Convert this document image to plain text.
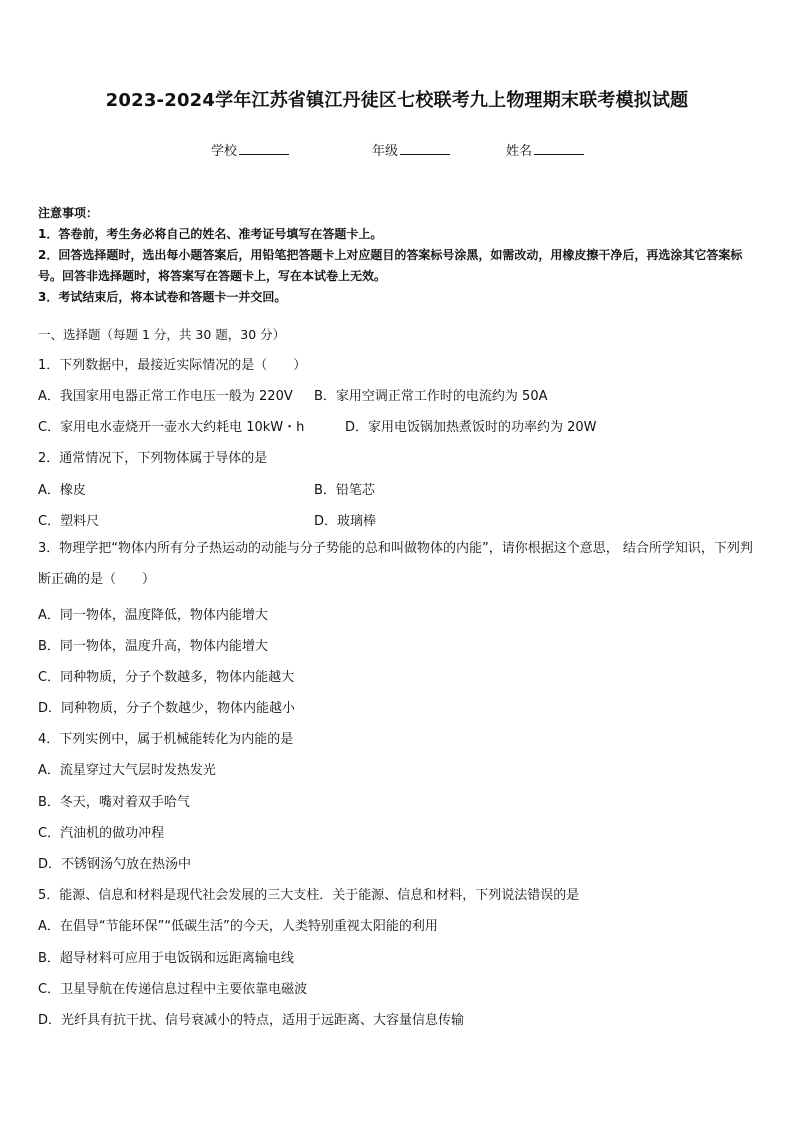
2023-2024学年江苏省镇江丹徒区七校联考九上物理期末联考模拟试题
学校	年级	姓名
注意事项：
1．答卷前，考生务必将自己的姓名、准考证号填写在答题卡上。
2．回答选择题时，选出每小题答案后，用铅笔把答题卡上对应题目的答案标号涂黑，如需改动，用橡皮擦干净后，再选涂其它答案标号。回答非选择题时，将答案写在答题卡上，写在本试卷上无效。
3．考试结束后，将本试卷和答题卡一并交回。
一、选择题（每题 1 分，共 30 题，30 分）
1．下列数据中，最接近实际情况的是（　　）
A．我国家用电器正常工作电压一般为 220V B．家用空调正常工作时的电流约为 50A
C．家用电水壶烧开一壶水大约耗电 10kW・h	D．家用电饭锅加热煮饭时的功率约为 20W
2．通常情况下，下列物体属于导体的是
A．橡皮	B．铅笔芯
C．塑料尺	D．玻璃棒
3．物理学把“物体内所有分子热运动的动能与分子势能的总和叫做物体的内能”，请你根据这个意思， 结合所学知识，下列判断正确的是（　　）
A．同一物体，温度降低，物体内能增大
B．同一物体，温度升高，物体内能增大
C．同种物质，分子个数越多，物体内能越大
D．同种物质，分子个数越少，物体内能越小
4．下列实例中，属于机械能转化为内能的是
A．流星穿过大气层时发热发光
B．冬天，嘴对着双手哈气
C．汽油机的做功冲程
D．不锈钢汤勺放在热汤中
5．能源、信息和材料是现代社会发展的三大支柱．关于能源、信息和材料，下列说法错误的是
A．在倡导“节能环保”“低碳生活”的今天，人类特别重视太阳能的利用
B．超导材料可应用于电饭锅和远距离输电线
C．卫星导航在传递信息过程中主要依靠电磁波
D．光纤具有抗干扰、信号衰减小的特点，适用于远距离、大容量信息传输
